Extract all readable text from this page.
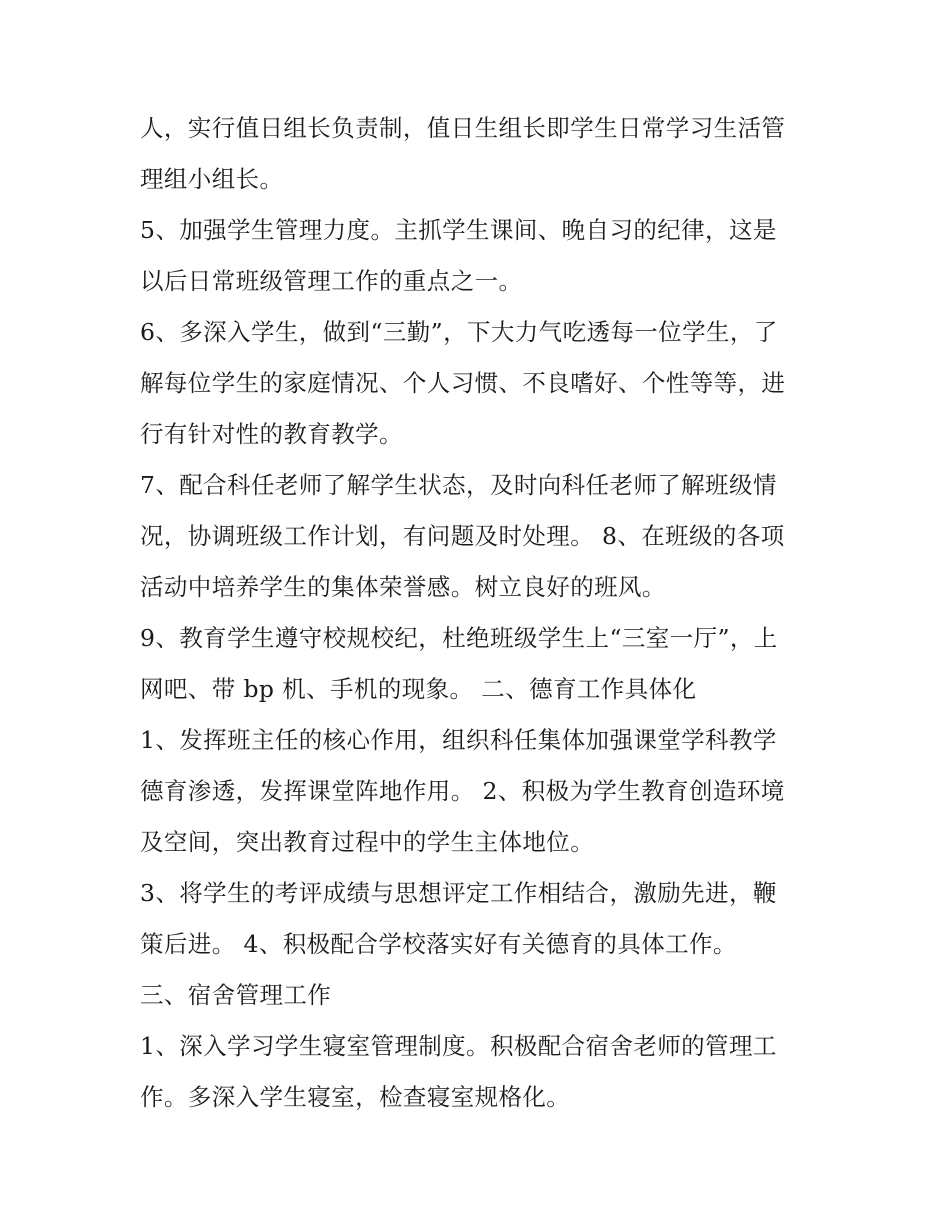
人，实行值日组长负责制，值日生组长即学生日常学习生活管
理组小组长。
5、加强学生管理力度。主抓学生课间、晚自习的纪律，这是
以后日常班级管理工作的重点之一。
6、多深入学生，做到“三勤”，下大力气吃透每一位学生，了
解每位学生的家庭情况、个人习惯、不良嗜好、个性等等，进
行有针对性的教育教学。
7、配合科任老师了解学生状态，及时向科任老师了解班级情
况，协调班级工作计划，有问题及时处理。 8、在班级的各项
活动中培养学生的集体荣誉感。树立良好的班风。
9、教育学生遵守校规校纪，杜绝班级学生上“三室一厅”，上
网吧、带 bp 机、手机的现象。 二、德育工作具体化
1、发挥班主任的核心作用，组织科任集体加强课堂学科教学
德育渗透，发挥课堂阵地作用。 2、积极为学生教育创造环境
及空间，突出教育过程中的学生主体地位。
3、将学生的考评成绩与思想评定工作相结合，激励先进，鞭
策后进。 4、积极配合学校落实好有关德育的具体工作。
三、宿舍管理工作
1、深入学习学生寝室管理制度。积极配合宿舍老师的管理工
作。多深入学生寝室，检查寝室规格化。
